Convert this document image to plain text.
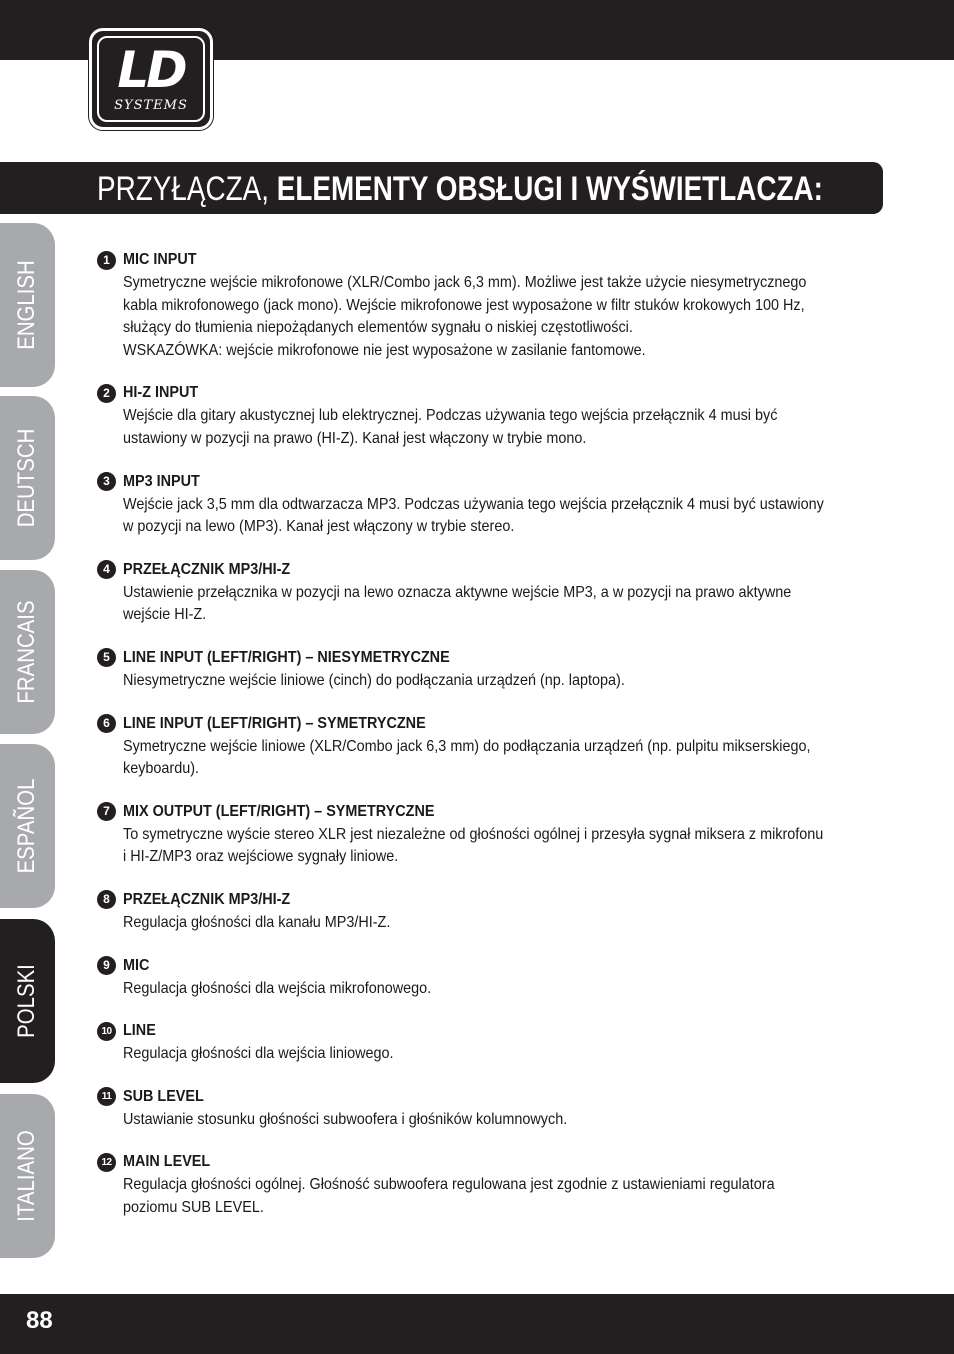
LD
SYSTEMS
PRZYŁĄCZA, ELEMENTY OBSŁUGI I WYŚWIETLACZA:
ENGLISH
DEUTSCH
FRANCAIS
ESPAÑOL
POLSKI
ITALIANO
1 MIC INPUT

Symetryczne wejście mikrofonowe (XLR/Combo jack 6,3 mm). Możliwe jest także użycie niesymetrycznego

kabla mikrofonowego (jack mono). Wejście mikrofonowe jest wyposażone w filtr stuków krokowych 100 Hz,

służący do tłumienia niepożądanych elementów sygnału o niskiej częstotliwości.

WSKAZÓWKA: wejście mikrofonowe nie jest wyposażone w zasilanie fantomowe.

2 HI-Z INPUT

Wejście dla gitary akustycznej lub elektrycznej. Podczas używania tego wejścia przełącznik 4 musi być

ustawiony w pozycji na prawo (HI-Z). Kanał jest włączony w trybie mono.

3 MP3 INPUT

Wejście jack 3,5 mm dla odtwarzacza MP3. Podczas używania tego wejścia przełącznik 4 musi być ustawiony

w pozycji na lewo (MP3). Kanał jest włączony w trybie stereo.

4 PRZEŁĄCZNIK MP3/HI-Z

Ustawienie przełącznika w pozycji na lewo oznacza aktywne wejście MP3, a w pozycji na prawo aktywne

wejście HI-Z.

5 LINE INPUT (LEFT/RIGHT) – NIESYMETRYCZNE

Niesymetryczne wejście liniowe (cinch) do podłączania urządzeń (np. laptopa).

6 LINE INPUT (LEFT/RIGHT) – SYMETRYCZNE

Symetryczne wejście liniowe (XLR/Combo jack 6,3 mm) do podłączania urządzeń (np. pulpitu mikserskiego,

keyboardu).

7 MIX OUTPUT (LEFT/RIGHT) – SYMETRYCZNE

To symetryczne wyście stereo XLR jest niezależne od głośności ogólnej i przesyła sygnał miksera z mikrofonu

i HI-Z/MP3 oraz wejściowe sygnały liniowe.

8 PRZEŁĄCZNIK MP3/HI-Z

Regulacja głośności dla kanału MP3/HI-Z.

9 MIC

Regulacja głośności dla wejścia mikrofonowego.

10 LINE

Regulacja głośności dla wejścia liniowego.

11 SUB LEVEL

Ustawianie stosunku głośności subwoofera i głośników kolumnowych.

12 MAIN LEVEL

Regulacja głośności ogólnej. Głośność subwoofera regulowana jest zgodnie z ustawieniami regulatora

poziomu SUB LEVEL.

88
